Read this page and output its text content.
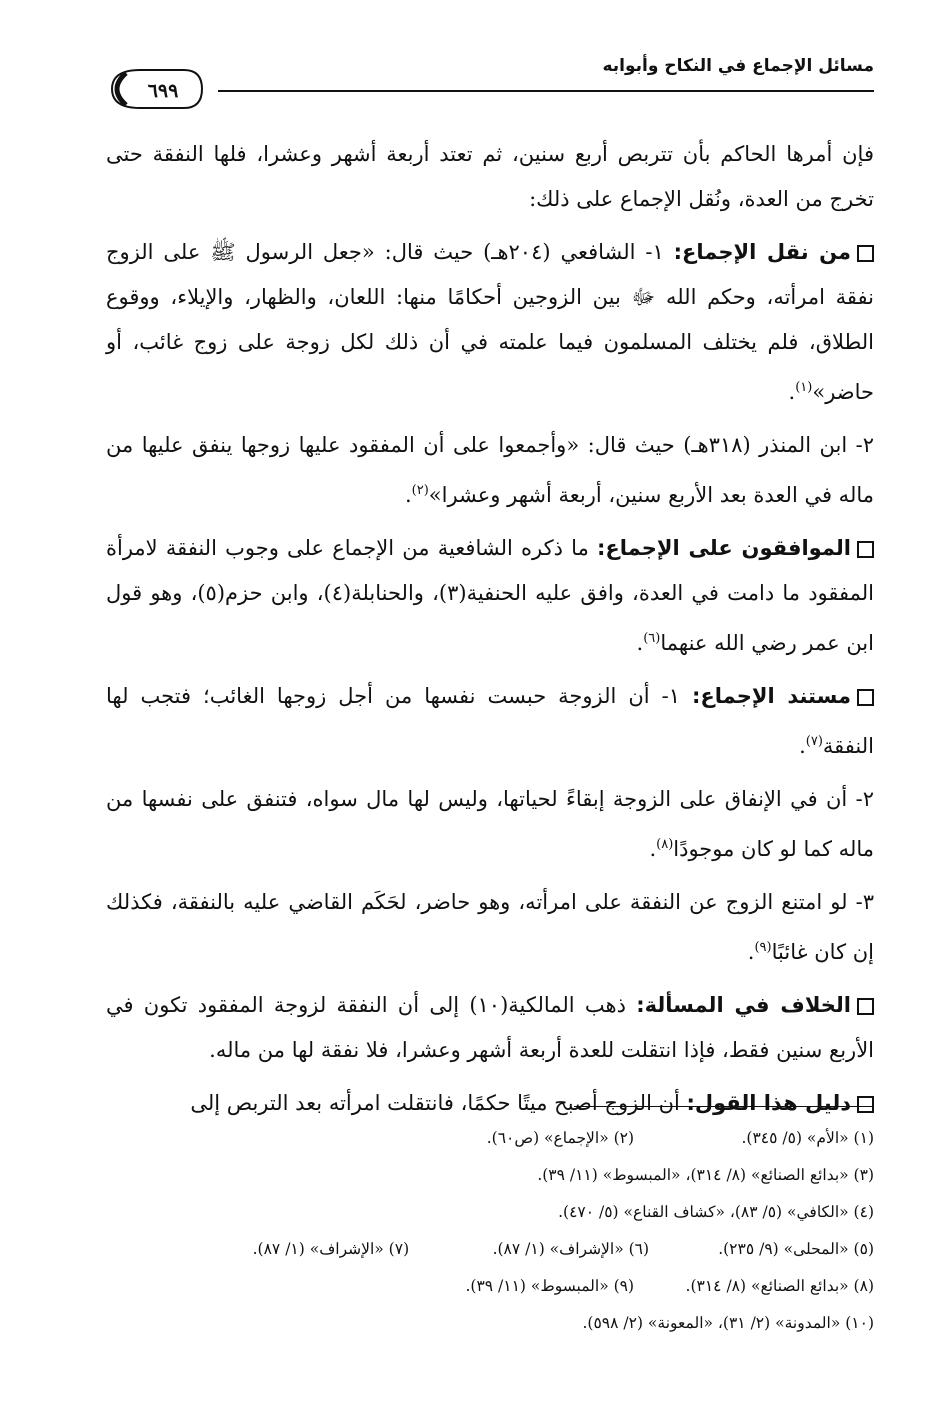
مسائل الإجماع في النكاح وأبوابه
٦٩٩

فإن أمرها الحاكم بأن تتربص أربع سنين، ثم تعتد أربعة أشهر وعشرا، فلها النفقة حتى تخرج من العدة، ونُقل الإجماع على ذلك:

من نقل الإجماع: ١- الشافعي (٢٠٤هـ) حيث قال: «جعل الرسول ﷺ على الزوج نفقة امرأته، وحكم الله ﷻ بين الزوجين أحكامًا منها: اللعان، والظهار، والإيلاء، ووقوع الطلاق، فلم يختلف المسلمون فيما علمته في أن ذلك لكل زوجة على زوج غائب، أو حاضر»$^{(١)}$.

٢- ابن المنذر (٣١٨هـ) حيث قال: «وأجمعوا على أن المفقود عليها زوجها ينفق عليها من ماله في العدة بعد الأربع سنين، أربعة أشهر وعشرا»$^{(٢)}$.

الموافقون على الإجماع: ما ذكره الشافعية من الإجماع على وجوب النفقة لامرأة المفقود ما دامت في العدة، وافق عليه الحنفية(٣)، والحنابلة(٤)، وابن حزم(٥)، وهو قول ابن عمر رضي الله عنهما$^{(٦)}$.

مستند الإجماع: ١- أن الزوجة حبست نفسها من أجل زوجها الغائب؛ فتجب لها النفقة$^{(٧)}$.

٢- أن في الإنفاق على الزوجة إبقاءً لحياتها، وليس لها مال سواه، فتنفق على نفسها من ماله كما لو كان موجودًا$^{(٨)}$.

٣- لو امتنع الزوج عن النفقة على امرأته، وهو حاضر، لحَكَم القاضي عليه بالنفقة، فكذلك إن كان غائبًا$^{(٩)}$.

الخلاف في المسألة: ذهب المالكية(١٠) إلى أن النفقة لزوجة المفقود تكون في الأربع سنين فقط، فإذا انتقلت للعدة أربعة أشهر وعشرا، فلا نفقة لها من ماله.

دليل هذا القول: أن الزوج أصبح ميتًا حكمًا، فانتقلت امرأته بعد التربص إلى

(١) «الأم» (٥/ ٣٤٥). (٢) «الإجماع» (ص٦٠).
(٣) «بدائع الصنائع» (٨/ ٣١٤)، «المبسوط» (١١/ ٣٩).
(٤) «الكافي» (٥/ ٨٣)، «كشاف القناع» (٥/ ٤٧٠).
(٥) «المحلى» (٩/ ٢٣٥). (٦) «الإشراف» (١/ ٨٧). (٧) «الإشراف» (١/ ٨٧).
(٨) «بدائع الصنائع» (٨/ ٣١٤). (٩) «المبسوط» (١١/ ٣٩).
(١٠) «المدونة» (٢/ ٣١)، «المعونة» (٢/ ٥٩٨).
